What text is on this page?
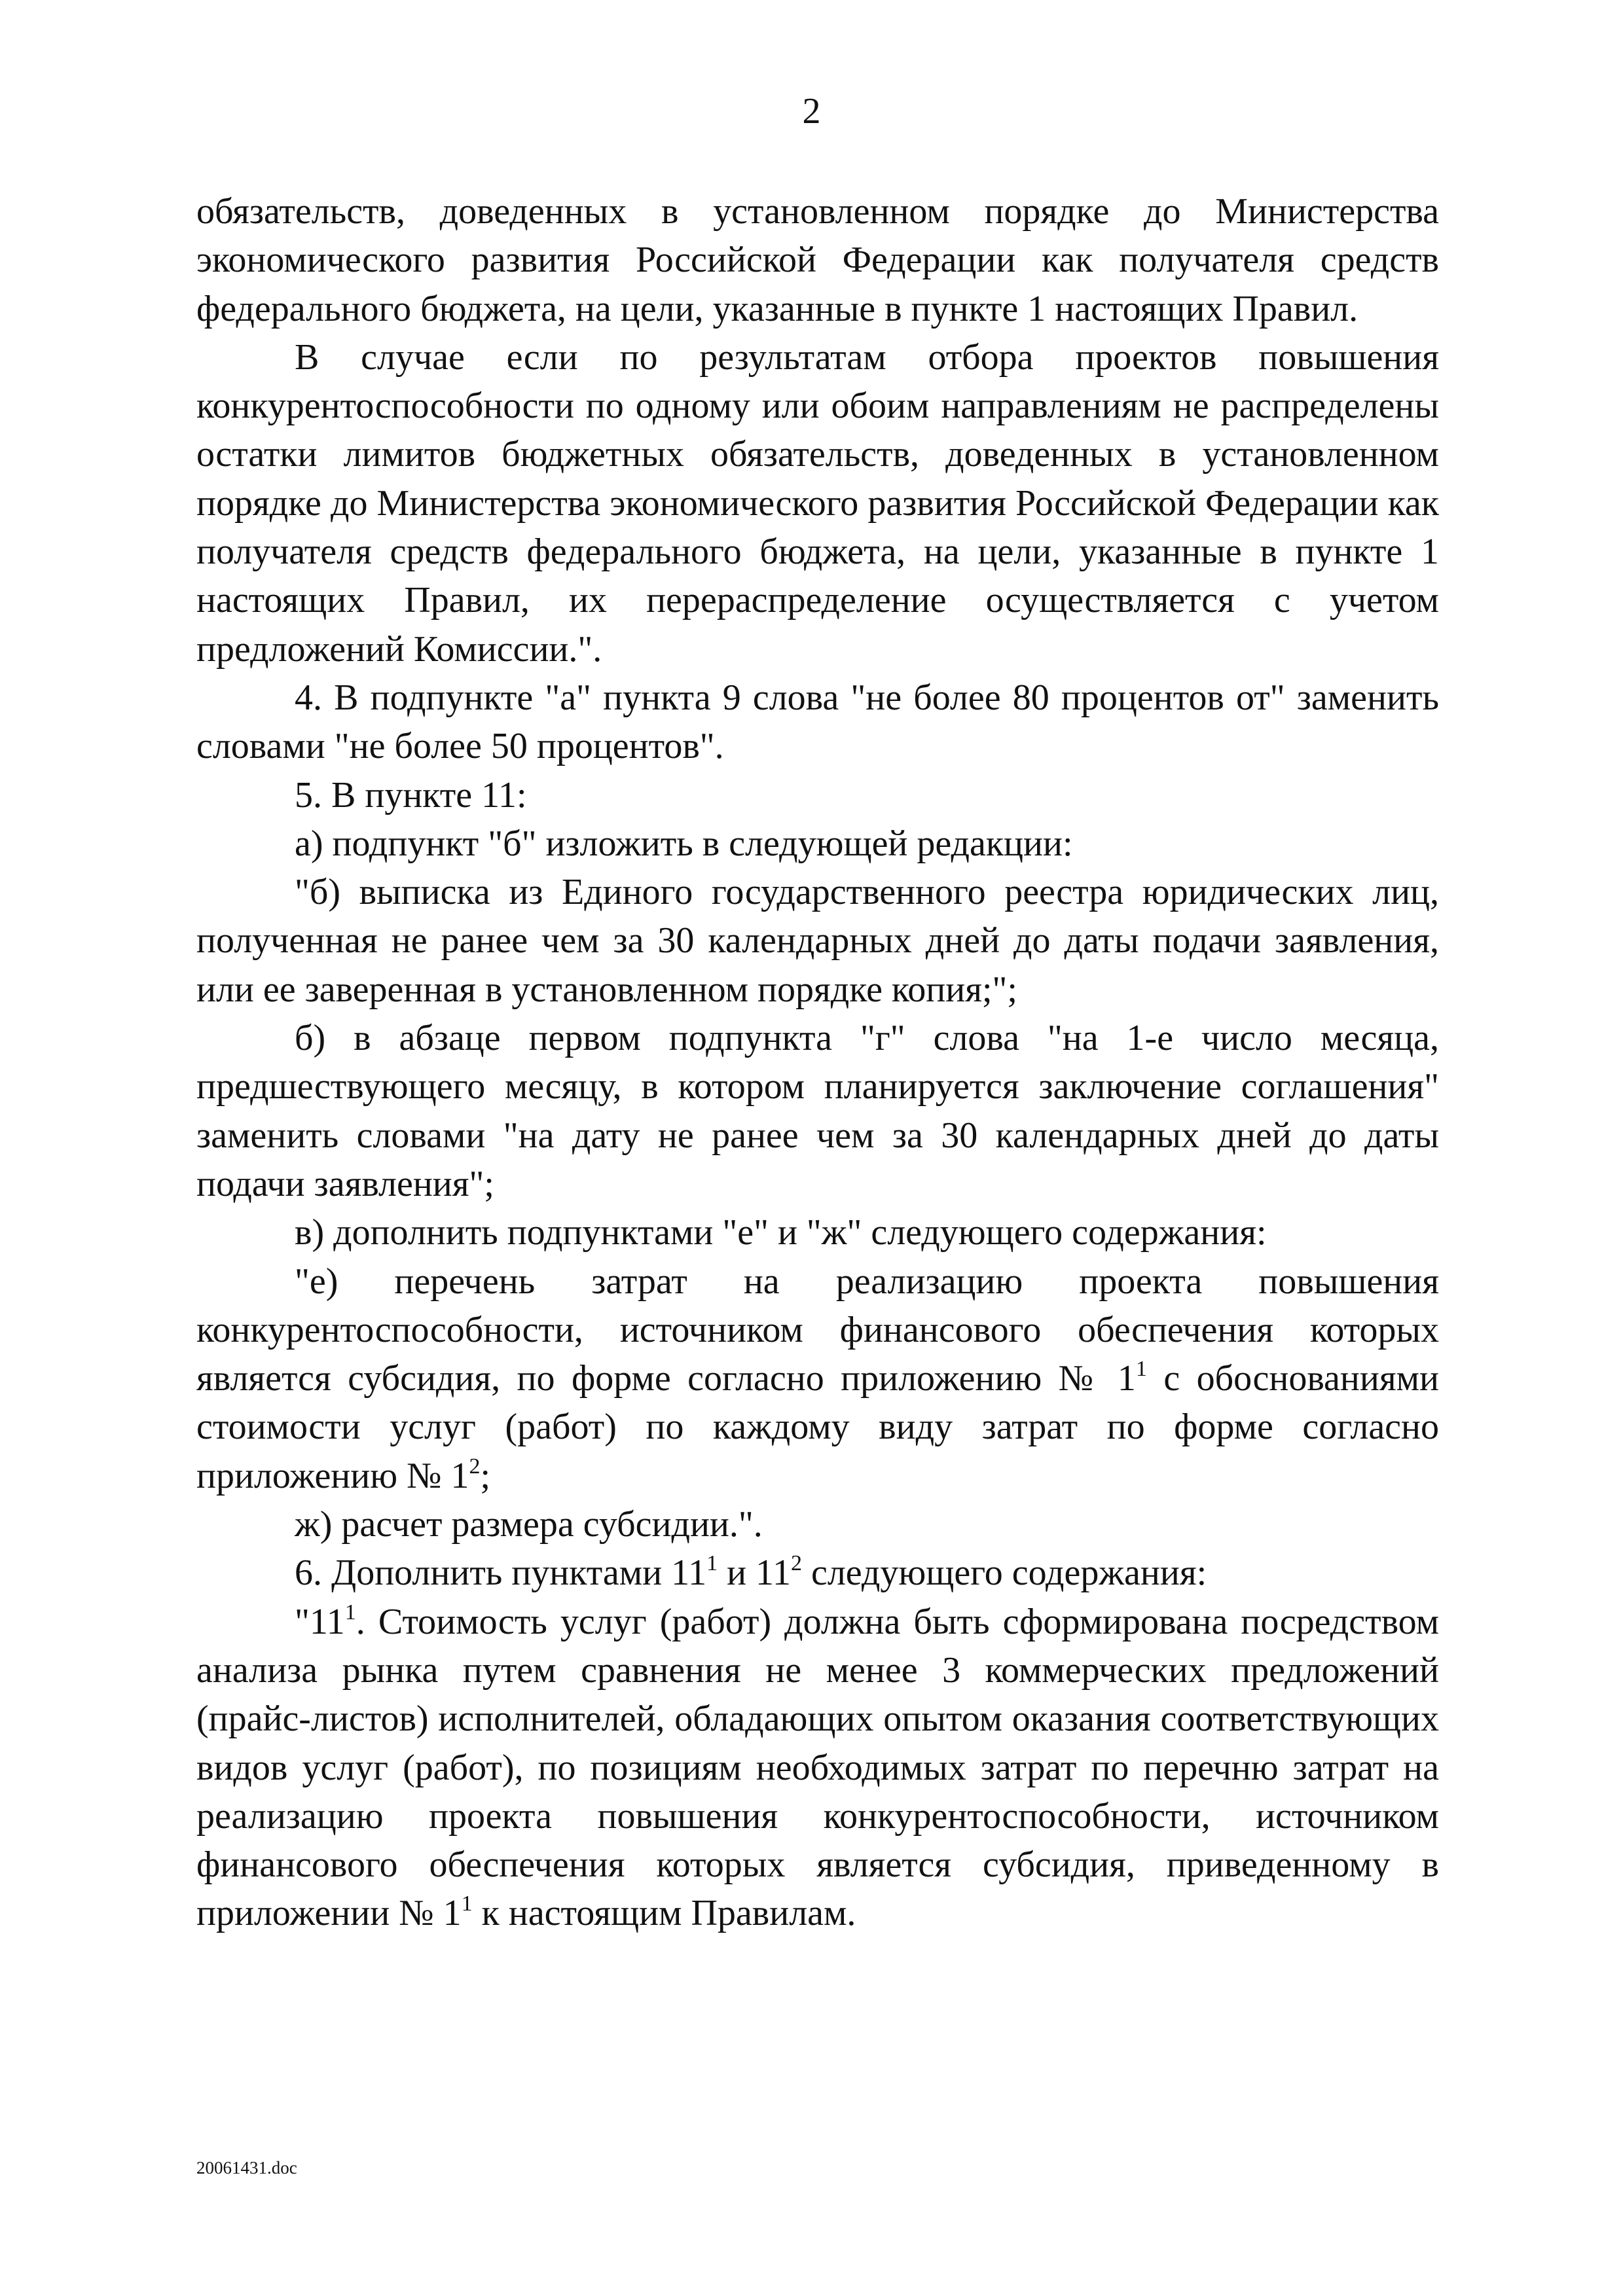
2

обязательств, доведенных в установленном порядке до Министерства экономического развития Российской Федерации как получателя средств федерального бюджета, на цели, указанные в пункте 1 настоящих Правил.

В случае если по результатам отбора проектов повышения конкурентоспособности по одному или обоим направлениям не распределены остатки лимитов бюджетных обязательств, доведенных в установленном порядке до Министерства экономического развития Российской Федерации как получателя средств федерального бюджета, на цели, указанные в пункте 1 настоящих Правил, их перераспределение осуществляется с учетом предложений Комиссии.".

4. В подпункте "а" пункта 9 слова "не более 80 процентов от" заменить словами "не более 50 процентов".

5. В пункте 11:

а) подпункт "б" изложить в следующей редакции:

"б) выписка из Единого государственного реестра юридических лиц, полученная не ранее чем за 30 календарных дней до даты подачи заявления, или ее заверенная в установленном порядке копия;";

б) в абзаце первом подпункта "г" слова "на 1-е число месяца, предшествующего месяцу, в котором планируется заключение соглашения" заменить словами "на дату не ранее чем за 30 календарных дней до даты подачи заявления";

в) дополнить подпунктами "е" и "ж" следующего содержания:

"е) перечень затрат на реализацию проекта повышения конкурентоспособности, источником финансового обеспечения которых является субсидия, по форме согласно приложению № $1^1$ с обоснованиями стоимости услуг (работ) по каждому виду затрат по форме согласно приложению № $1^2$;

ж) расчет размера субсидии.".

6. Дополнить пунктами $11^1$ и $11^2$ следующего содержания:

"$11^1$. Стоимость услуг (работ) должна быть сформирована посредством анализа рынка путем сравнения не менее 3 коммерческих предложений (прайс-листов) исполнителей, обладающих опытом оказания соответствующих видов услуг (работ), по позициям необходимых затрат по перечню затрат на реализацию проекта повышения конкурентоспособности, источником финансового обеспечения которых является субсидия, приведенному в приложении № $1^1$ к настоящим Правилам.

20061431.doc
